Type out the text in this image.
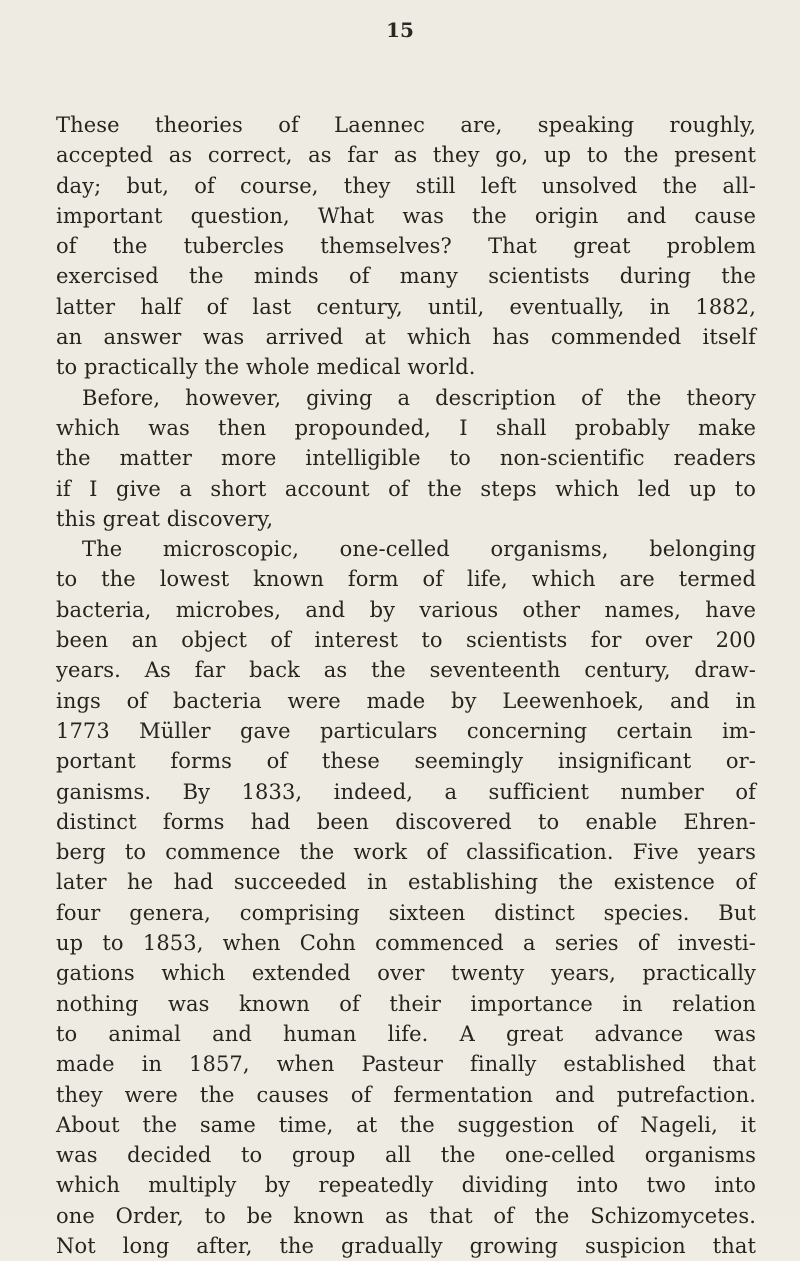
15
These theories of Laennec are, speaking roughly,
accepted as correct, as far as they go, up to the present
day; but, of course, they still left unsolved the all-
important question, What was the origin and cause
of the tubercles themselves? That great problem
exercised the minds of many scientists during the
latter half of last century, until, eventually, in 1882,
an answer was arrived at which has commended itself
to practically the whole medical world.
Before, however, giving a description of the theory
which was then propounded, I shall probably make
the matter more intelligible to non-scientific readers
if I give a short account of the steps which led up to
this great discovery,
The microscopic, one-celled organisms, belonging
to the lowest known form of life, which are termed
bacteria, microbes, and by various other names, have
been an object of interest to scientists for over 200
years. As far back as the seventeenth century, draw-
ings of bacteria were made by Leewenhoek, and in
1773 Müller gave particulars concerning certain im-
portant forms of these seemingly insignificant or-
ganisms. By 1833, indeed, a sufficient number of
distinct forms had been discovered to enable Ehren-
berg to commence the work of classification. Five years
later he had succeeded in establishing the existence of
four genera, comprising sixteen distinct species. But
up to 1853, when Cohn commenced a series of investi-
gations which extended over twenty years, practically
nothing was known of their importance in relation
to animal and human life. A great advance was
made in 1857, when Pasteur finally established that
they were the causes of fermentation and putrefaction.
About the same time, at the suggestion of Nageli, it
was decided to group all the one-celled organisms
which multiply by repeatedly dividing into two into
one Order, to be known as that of the Schizomycetes.
Not long after, the gradually growing suspicion that
